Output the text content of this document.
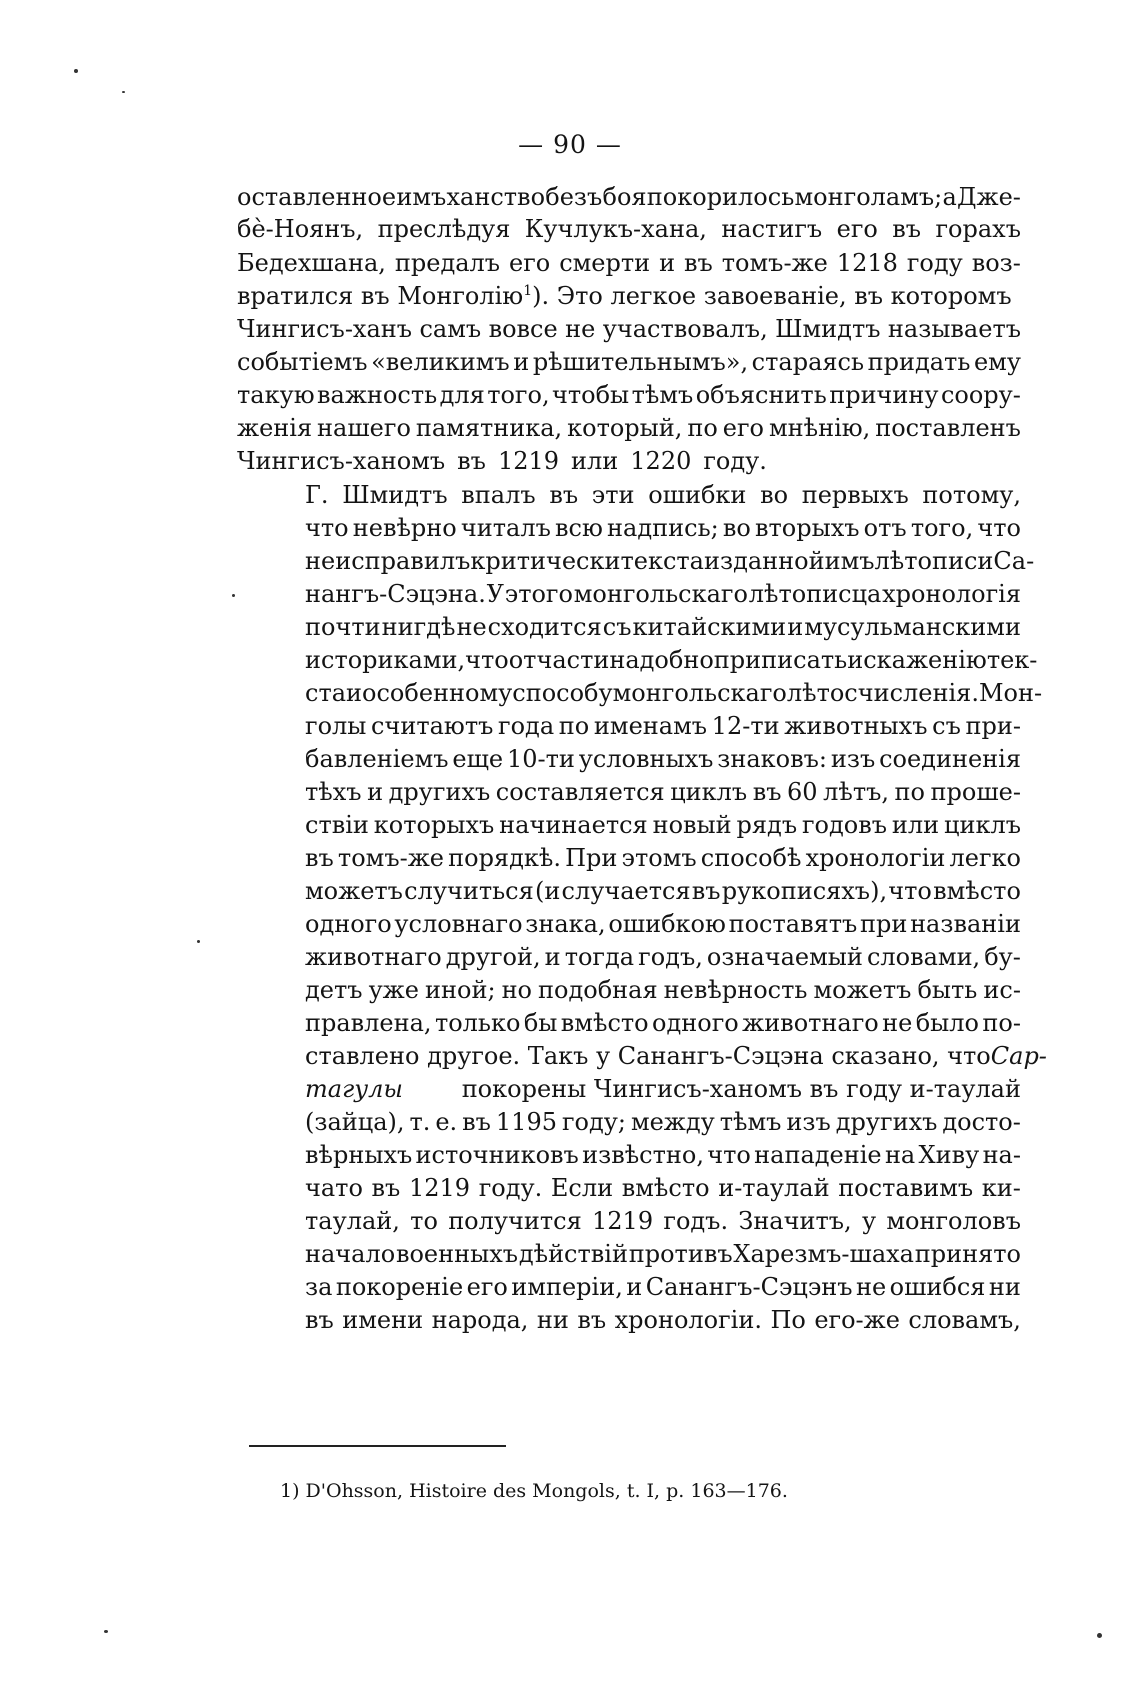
— 90 —
оставленное имъ ханство безъ боя покорилось монголамъ; а Дже-
бѐ-Ноянъ, преслѣдуя Кучлукъ-хана, настигъ его въ горахъ
Бедехшана, предалъ его смерти и въ томъ-же 1218 году воз-
вратился въ Монголію$^1$). Это легкое завоеванiе, въ которомъ
Чингисъ-ханъ самъ вовсе не участвовалъ, Шмидтъ называетъ
событiемъ «великимъ и рѣшительнымъ», стараясь придать ему
такую важность для того, чтобы тѣмъ объяснить причину соору-
женiя нашего памятника, который, по его мнѣнiю, поставленъ
Чингисъ-ханомъ въ 1219 или 1220 году.
Г. Шмидтъ впалъ въ эти ошибки во первыхъ потому,
что невѣрно читалъ всю надпись; во вторыхъ отъ того, что
не исправилъ критически текста изданной имъ лѣтописи Са-
нангъ-Сэцэна. У этого монгольскаго лѣтописца хронологiя
почти нигдѣ не сходится съ китайскими и мусульманскими
историками, что отчасти надобно приписать искаженiю тек-
ста и особенному способу монгольскаго лѣтосчисленiя. Мон-
голы считаютъ года по именамъ 12-ти животныхъ съ при-
бавленiемъ еще 10-ти условныхъ знаковъ: изъ соединенiя
тѣхъ и другихъ составляется циклъ въ 60 лѣтъ, по проше-
ствiи которыхъ начинается новый рядъ годовъ или циклъ
въ томъ-же порядкѣ. При этомъ способѣ хронологiи легко
можетъ случиться (и случается въ рукописяхъ), что вмѣсто
одного условнаго знака, ошибкою поставятъ при названiи
животнаго другой, и тогда годъ, означаемый словами, бу-
детъ уже иной; но подобная невѣрность можетъ быть ис-
правлена, только бы вмѣсто одного животнаго не было по-
ставлено другое. Такъ у Санангъ-Сэцэна сказано, что Сар-
тагулы покорены Чингисъ-ханомъ въ году и-таулай
(зайца), т. е. въ 1195 году; между тѣмъ изъ другихъ досто-
вѣрныхъ источниковъ извѣстно, что нападенiе на Хиву на-
чато въ 1219 году. Если вмѣсто и-таулай поставимъ ки-
таулай, то получится 1219 годъ. Значитъ, у монголовъ
начало военныхъ дѣйствiй противъ Харезмъ-шаха принято
за покоренiе его имперiи, и Санангъ-Сэцэнъ не ошибся ни
въ имени народа, ни въ хронологiи. По его-же словамъ,
1) D'Ohsson, Histoire des Mongols, t. I, p. 163—176.
